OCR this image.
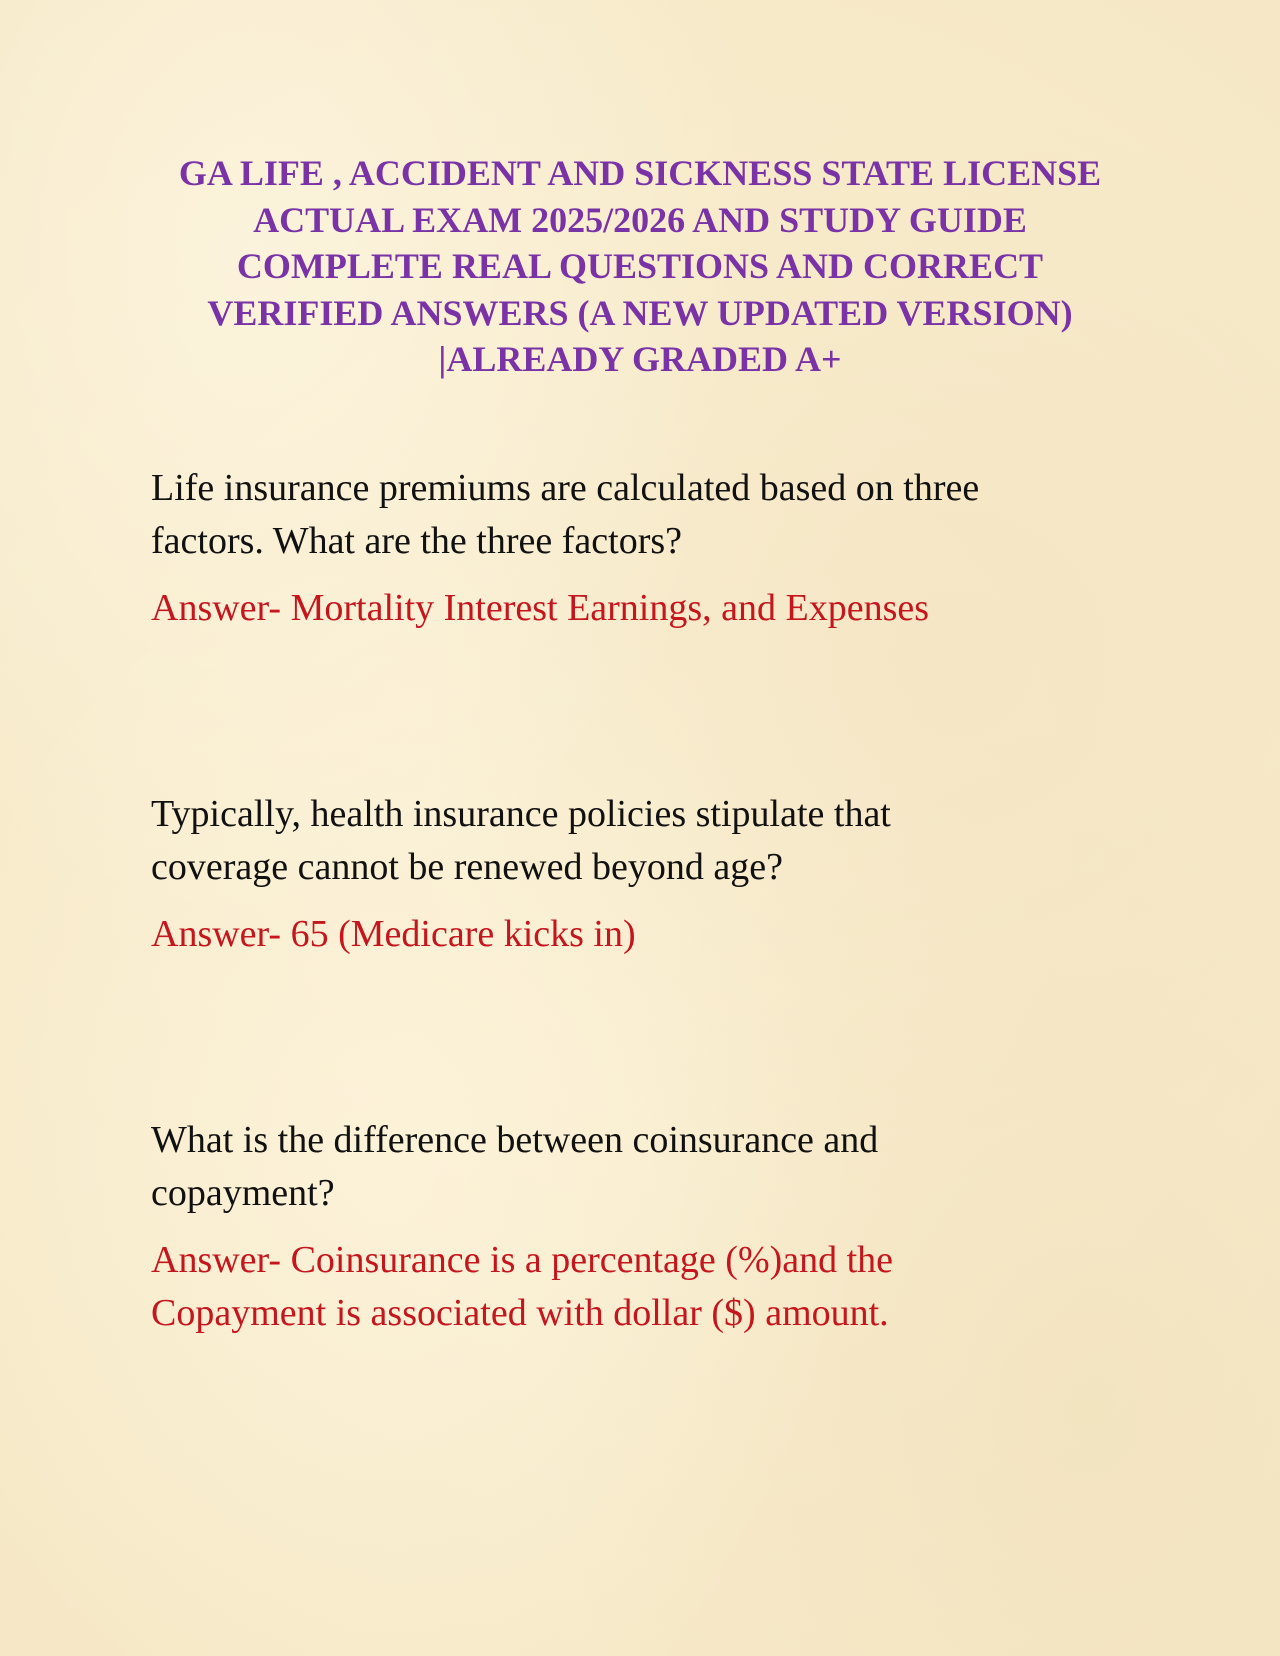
GA LIFE , ACCIDENT AND SICKNESS STATE LICENSE
ACTUAL EXAM 2025/2026 AND STUDY GUIDE
COMPLETE REAL QUESTIONS AND CORRECT
VERIFIED ANSWERS (A NEW UPDATED VERSION)
|ALREADY GRADED A+

Life insurance premiums are calculated based on three
factors. What are the three factors?

Answer- Mortality Interest Earnings, and Expenses

Typically, health insurance policies stipulate that
coverage cannot be renewed beyond age?

Answer- 65 (Medicare kicks in)

What is the difference between coinsurance and
copayment?

Answer- Coinsurance is a percentage (%)and the
Copayment is associated with dollar ($) amount.
